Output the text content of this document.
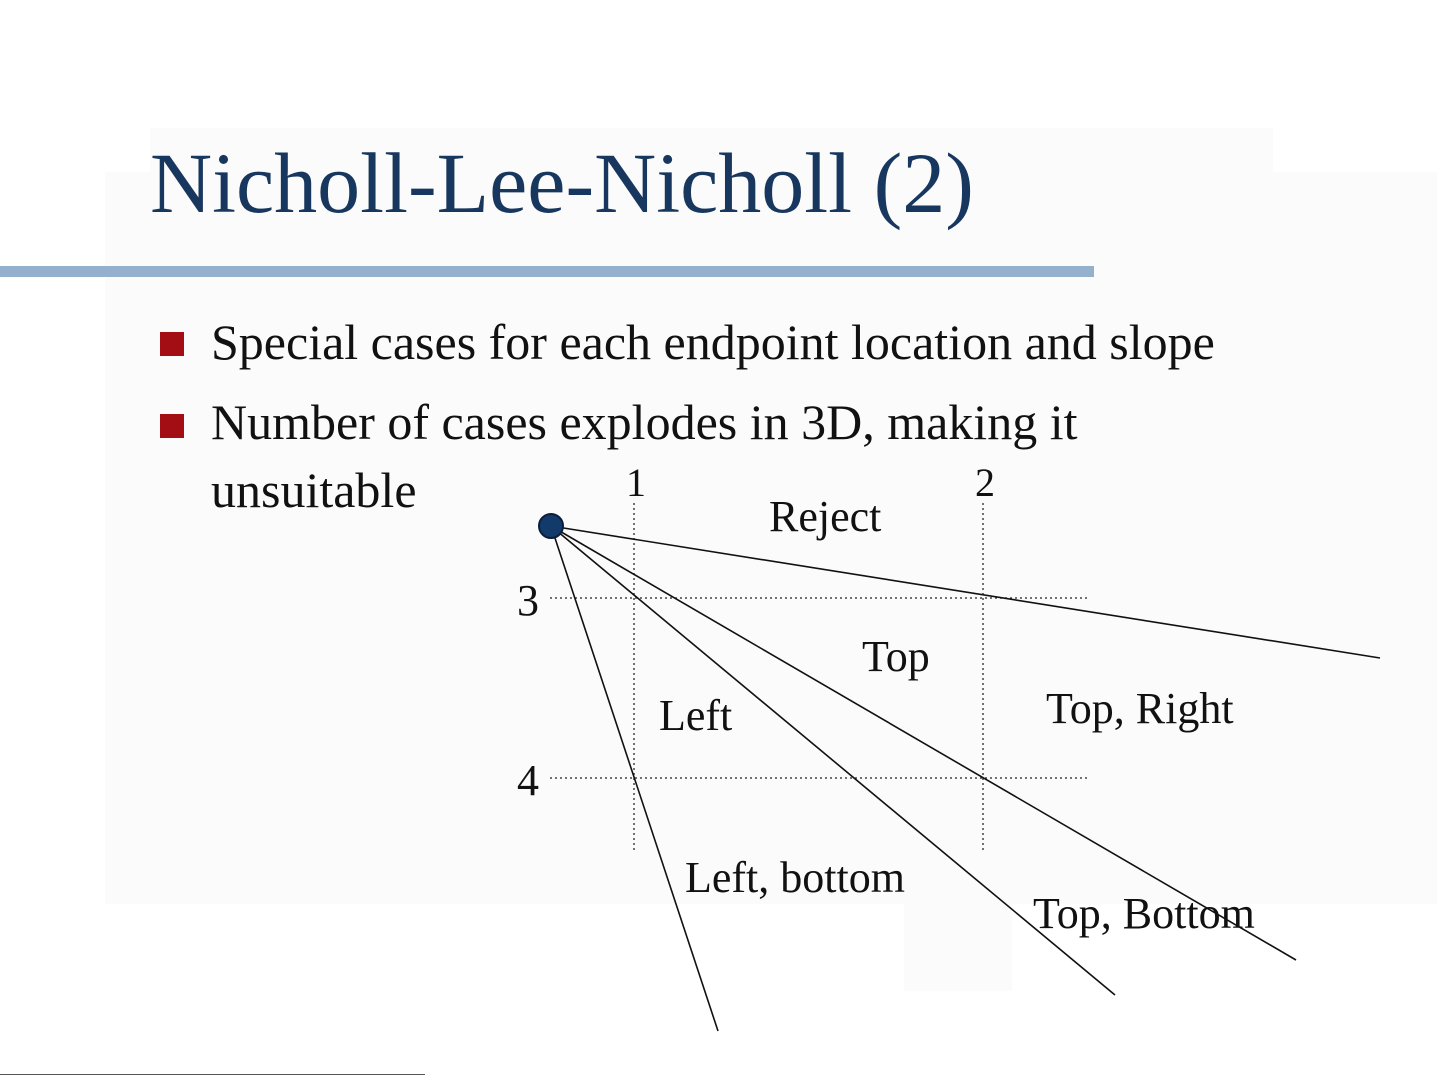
Nicholl-Lee-Nicholl (2)
Special cases for each endpoint location and slope
Number of cases explodes in 3D, making it
unsuitable	1	2
3
4
Reject
Top
Left	Top, Right
Left, bottom
Top, Bottom
